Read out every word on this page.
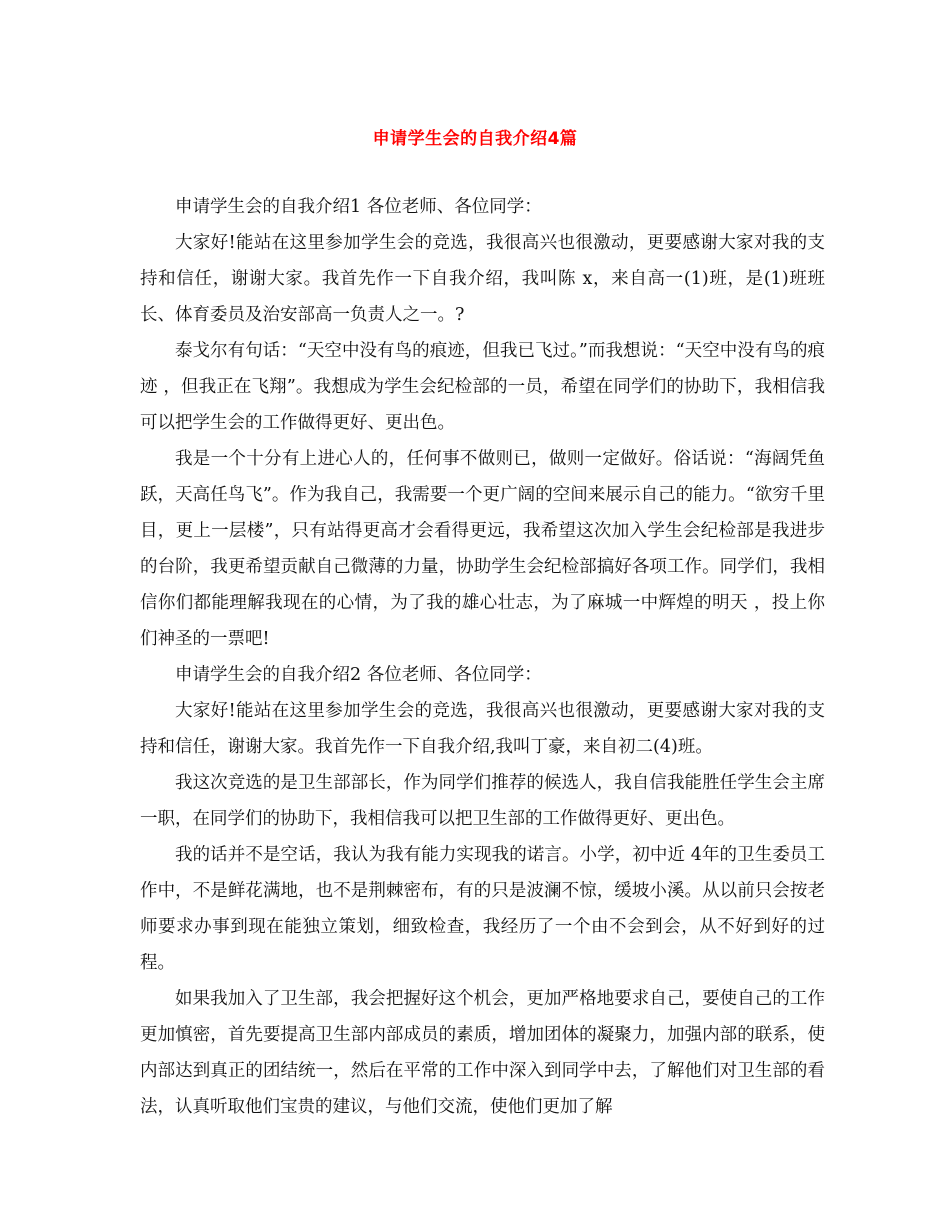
申请学生会的自我介绍4篇

申请学生会的自我介绍1 各位老师、各位同学：

大家好!能站在这里参加学生会的竞选，我很高兴也很激动，更要感谢大家对我的支持和信任，谢谢大家。我首先作一下自我介绍，我叫陈 x，来自高一(1)班，是(1)班班长、体育委员及治安部高一负责人之一。?

泰戈尔有句话：“天空中没有鸟的痕迹，但我已飞过。”而我想说：“天空中没有鸟的痕迹 ，但我正在飞翔”。我想成为学生会纪检部的一员，希望在同学们的协助下，我相信我可以把学生会的工作做得更好、更出色。

我是一个十分有上进心人的，任何事不做则已，做则一定做好。俗话说：“海阔凭鱼跃，天高任鸟飞”。作为我自己，我需要一个更广阔的空间来展示自己的能力。“欲穷千里目，更上一层楼”，只有站得更高才会看得更远，我希望这次加入学生会纪检部是我进步的台阶，我更希望贡献自己微薄的力量，协助学生会纪检部搞好各项工作。同学们，我相信你们都能理解我现在的心情，为了我的雄心壮志，为了麻城一中辉煌的明天 ，投上你们神圣的一票吧!

申请学生会的自我介绍2 各位老师、各位同学：

大家好!能站在这里参加学生会的竞选，我很高兴也很激动，更要感谢大家对我的支持和信任，谢谢大家。我首先作一下自我介绍,我叫丁豪，来自初二(4)班。

我这次竞选的是卫生部部长，作为同学们推荐的候选人，我自信我能胜任学生会主席一职，在同学们的协助下，我相信我可以把卫生部的工作做得更好、更出色。

我的话并不是空话，我认为我有能力实现我的诺言。小学，初中近 4年的卫生委员工作中，不是鲜花满地，也不是荆棘密布，有的只是波澜不惊，缓坡小溪。从以前只会按老师要求办事到现在能独立策划，细致检查，我经历了一个由不会到会，从不好到好的过程。

如果我加入了卫生部，我会把握好这个机会，更加严格地要求自己，要使自己的工作更加慎密，首先要提高卫生部内部成员的素质，增加团体的凝聚力，加强内部的联系，使内部达到真正的团结统一，然后在平常的工作中深入到同学中去，了解他们对卫生部的看法，认真听取他们宝贵的建议，与他们交流，使他们更加了解
